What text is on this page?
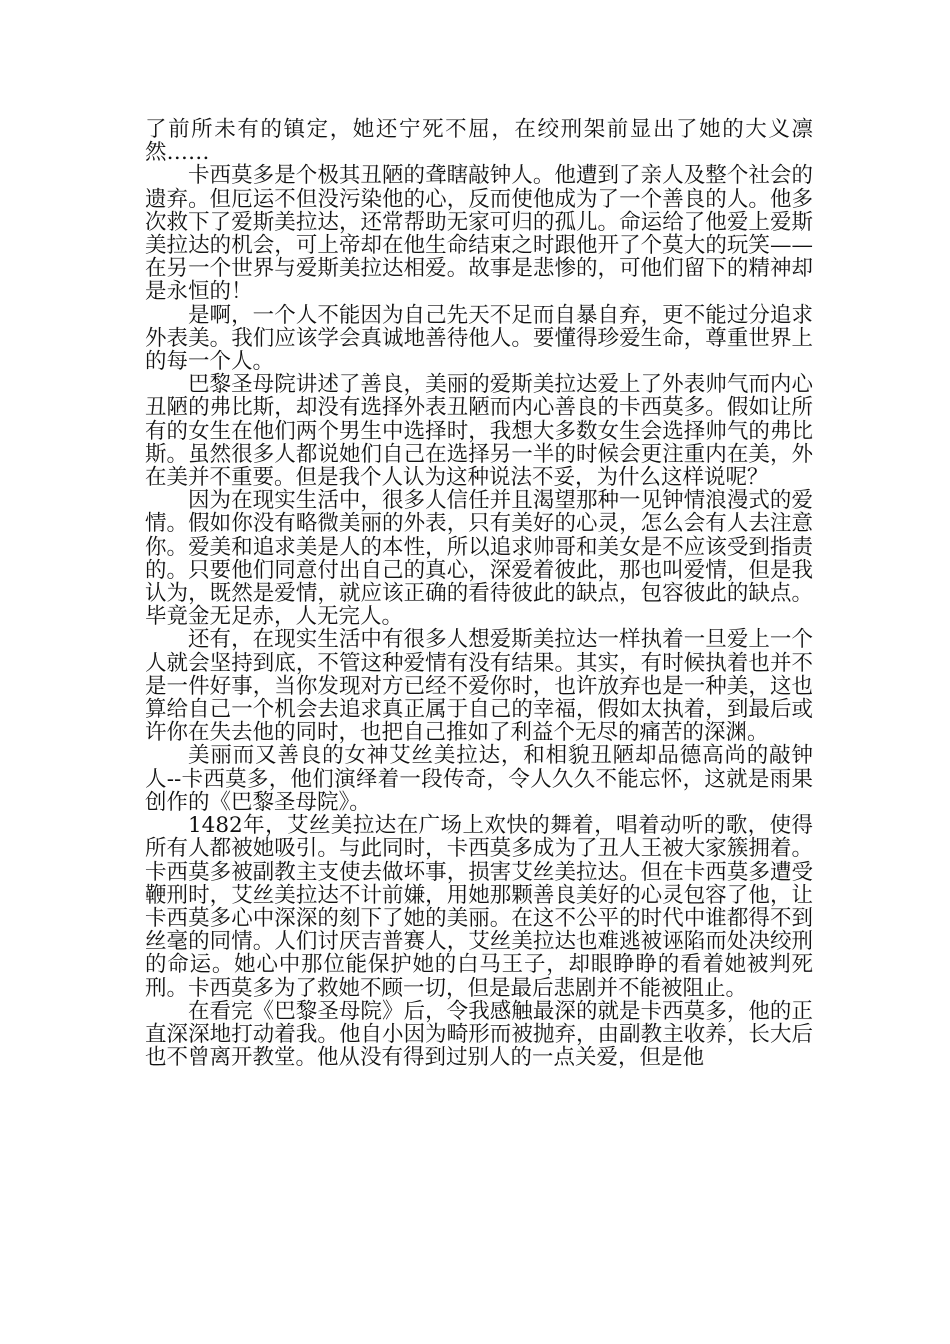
了前所未有的镇定，她还宁死不屈，在绞刑架前显出了她的大义凛然……

卡西莫多是个极其丑陋的聋瞎敲钟人。他遭到了亲人及整个社会的遗弃。但厄运不但没污染他的心，反而使他成为了一个善良的人。他多次救下了爱斯美拉达，还常帮助无家可归的孤儿。命运给了他爱上爱斯美拉达的机会，可上帝却在他生命结束之时跟他开了个莫大的玩笑——在另一个世界与爱斯美拉达相爱。故事是悲惨的，可他们留下的精神却是永恒的！

是啊，一个人不能因为自己先天不足而自暴自弃，更不能过分追求外表美。我们应该学会真诚地善待他人。要懂得珍爱生命，尊重世界上的每一个人。

巴黎圣母院讲述了善良，美丽的爱斯美拉达爱上了外表帅气而内心丑陋的弗比斯，却没有选择外表丑陋而内心善良的卡西莫多。假如让所有的女生在他们两个男生中选择时，我想大多数女生会选择帅气的弗比斯。虽然很多人都说她们自己在选择另一半的时候会更注重内在美，外在美并不重要。但是我个人认为这种说法不妥，为什么这样说呢？

因为在现实生活中，很多人信任并且渴望那种一见钟情浪漫式的爱情。假如你没有略微美丽的外表，只有美好的心灵，怎么会有人去注意你。爱美和追求美是人的本性，所以追求帅哥和美女是不应该受到指责的。只要他们同意付出自己的真心，深爱着彼此，那也叫爱情，但是我认为，既然是爱情，就应该正确的看待彼此的缺点，包容彼此的缺点。毕竟金无足赤，人无完人。

还有，在现实生活中有很多人想爱斯美拉达一样执着一旦爱上一个人就会坚持到底，不管这种爱情有没有结果。其实，有时候执着也并不是一件好事，当你发现对方已经不爱你时，也许放弃也是一种美，这也算给自己一个机会去追求真正属于自己的幸福，假如太执着，到最后或许你在失去他的同时，也把自己推如了利益个无尽的痛苦的深渊。

美丽而又善良的女神艾丝美拉达，和相貌丑陋却品德高尚的敲钟人--卡西莫多，他们演绎着一段传奇，令人久久不能忘怀，这就是雨果创作的《巴黎圣母院》。

1482年，艾丝美拉达在广场上欢快的舞着，唱着动听的歌，使得所有人都被她吸引。与此同时，卡西莫多成为了丑人王被大家簇拥着。卡西莫多被副教主支使去做坏事，损害艾丝美拉达。但在卡西莫多遭受鞭刑时，艾丝美拉达不计前嫌，用她那颗善良美好的心灵包容了他，让卡西莫多心中深深的刻下了她的美丽。在这不公平的时代中谁都得不到丝毫的同情。人们讨厌吉普赛人，艾丝美拉达也难逃被诬陷而处决绞刑的命运。她心中那位能保护她的白马王子，却眼睁睁的看着她被判死刑。卡西莫多为了救她不顾一切，但是最后悲剧并不能被阻止。

在看完《巴黎圣母院》后，令我感触最深的就是卡西莫多，他的正直深深地打动着我。他自小因为畸形而被抛弃，由副教主收养，长大后也不曾离开教堂。他从没有得到过别人的一点关爱，但是他
